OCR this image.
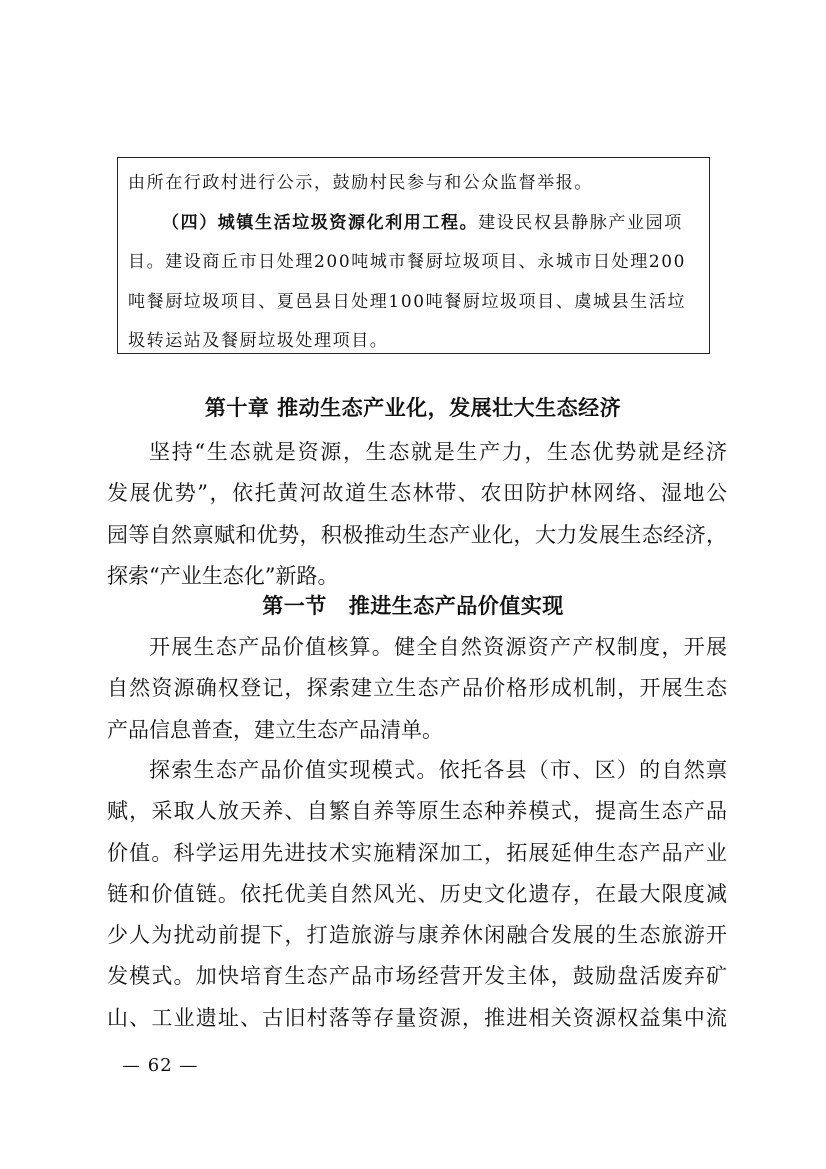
由所在行政村进行公示，鼓励村民参与和公众监督举报。

（四）城镇生活垃圾资源化利用工程。建设民权县静脉产业园项

目。建设商丘市日处理200吨城市餐厨垃圾项目、永城市日处理200

吨餐厨垃圾项目、夏邑县日处理100吨餐厨垃圾项目、虞城县生活垃

圾转运站及餐厨垃圾处理项目。

第十章 推动生态产业化，发展壮大生态经济
坚持“生态就是资源，生态就是生产力，生态优势就是经济
发展优势”，依托黄河故道生态林带、农田防护林网络、湿地公
园等自然禀赋和优势，积极推动生态产业化，大力发展生态经济，
探索“产业生态化”新路。
第一节 推进生态产品价值实现
开展生态产品价值核算。健全自然资源资产产权制度，开展
自然资源确权登记，探索建立生态产品价格形成机制，开展生态
产品信息普查，建立生态产品清单。
探索生态产品价值实现模式。依托各县（市、区）的自然禀
赋，采取人放天养、自繁自养等原生态种养模式，提高生态产品
价值。科学运用先进技术实施精深加工，拓展延伸生态产品产业
链和价值链。依托优美自然风光、历史文化遗存，在最大限度减
少人为扰动前提下，打造旅游与康养休闲融合发展的生态旅游开
发模式。加快培育生态产品市场经营开发主体，鼓励盘活废弃矿
山、工业遗址、古旧村落等存量资源，推进相关资源权益集中流
— 62 —
